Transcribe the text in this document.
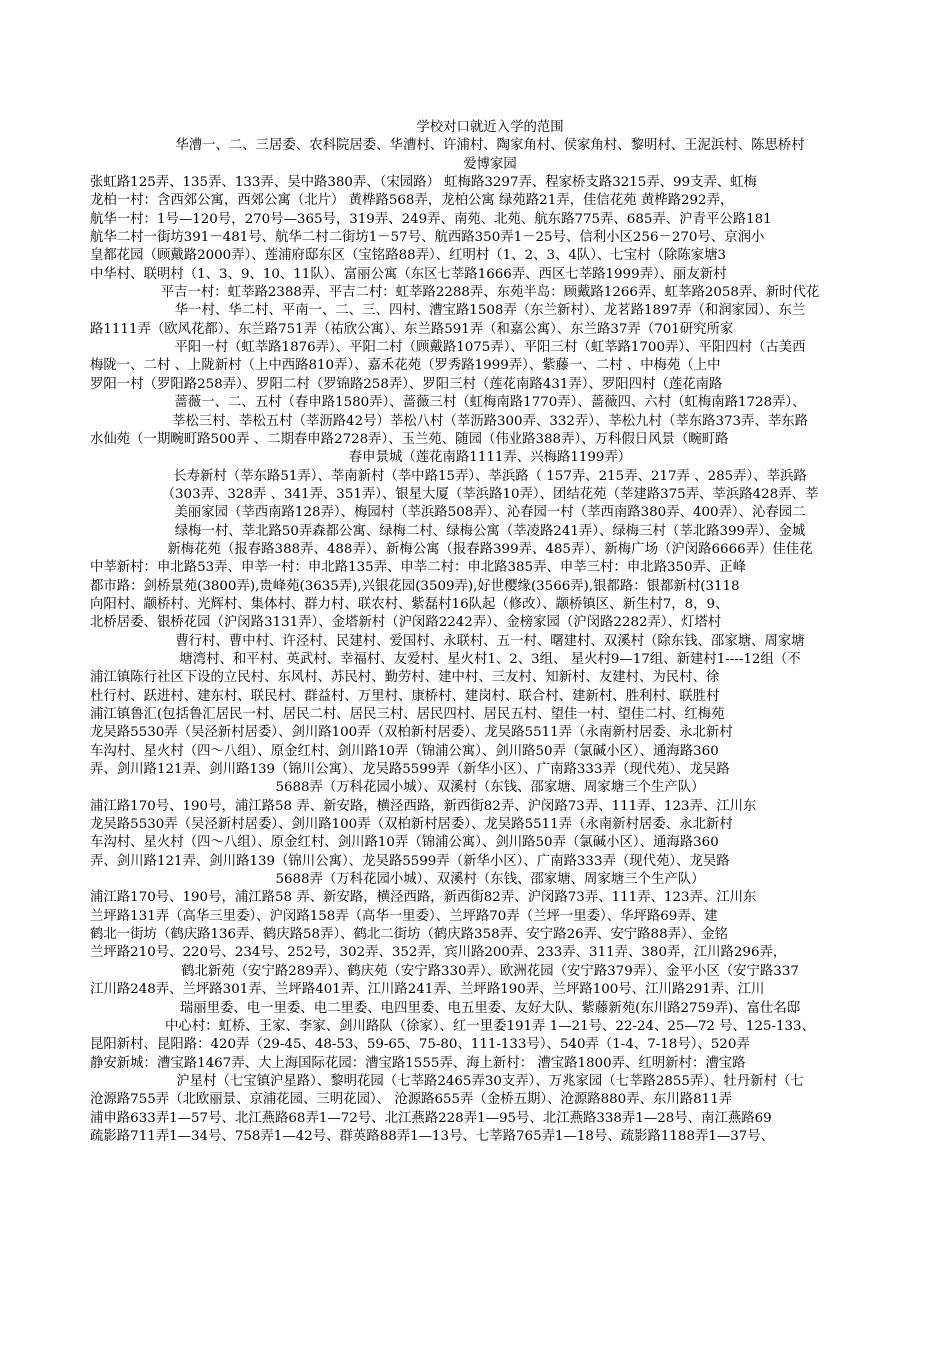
学校对口就近入学的范围
华漕一、二、三居委、农科院居委、华漕村、许浦村、陶家角村、侯家角村、黎明村、王泥浜村、陈思桥村
爱博家园
张虹路125弄、135弄、133弄、吴中路380弄、（宋园路） 虹梅路3297弄、程家桥支路3215弄、99支弄、虹梅
龙柏一村：含西郊公寓，西郊公寓（北片） 黄桦路568弄，龙柏公寓 绿苑路21弄，佳信花苑 黄桦路292弄，
航华一村：1号—120号，270号—365号，319弄、249弄、南苑、北苑、航东路775弄、685弄、沪青平公路181
航华二村一街坊391－481号、航华二村二街坊1－57号、航西路350弄1－25号、信利小区256－270号、京润小
皇都花园（顾戴路2000弄）、莲浦府邸东区（宝铭路88弄）、红明村（1、2、3、4队）、七宝村（除陈家塘3
中华村、联明村（1、3、9、10、11队）、富丽公寓（东区七莘路1666弄、西区七莘路1999弄）、丽友新村
平吉一村：虹莘路2388弄、平吉二村：虹莘路2288弄、东苑半岛：顾戴路1266弄、虹莘路2058弄、新时代花
华一村、华二村、平南一、二、三、四村、漕宝路1508弄（东兰新村）、龙茗路1897弄（和润家园）、东兰
路1111弄（欧风花都）、东兰路751弄（祐欣公寓）、东兰路591弄（和嘉公寓）、东兰路37弄（701研究所家
平阳一村（虹莘路1876弄）、平阳二村（顾戴路1075弄）、平阳三村（虹莘路1700弄）、平阳四村（古美西
梅陇一、二村 、上陇新村（上中西路810弄）、嘉禾花苑（罗秀路1999弄）、紫藤一、二村 、中梅苑（上中
罗阳一村（罗阳路258弄）、罗阳二村（罗锦路258弄）、罗阳三村（莲花南路431弄）、罗阳四村（莲花南路
蔷薇一、二、五村（春申路1580弄）、蔷薇三村（虹梅南路1770弄）、蔷薇四、六村（虹梅南路1728弄）、
莘松三村、莘松五村（莘沥路42号）莘松八村（莘沥路300弄、332弄）、莘松九村（莘东路373弄、莘东路
水仙苑（一期畹町路500弄 、二期春申路2728弄）、玉兰苑、随园（伟业路388弄）、万科假日风景（畹町路
春申景城（莲花南路1111弄、兴梅路1199弄）
长寿新村（莘东路51弄）、莘南新村（莘中路15弄）、莘浜路（ 157弄、215弄、217弄 、285弄）、莘浜路
（303弄、328弄 、341弄、351弄）、银星大厦（莘浜路10弄）、团结花苑（莘建路375弄、莘浜路428弄、莘
美丽家园（莘西南路128弄）、梅园村（莘浜路508弄）、沁春园一村（莘西南路380弄、400弄）、沁春园二
绿梅一村、莘北路50弄森都公寓、绿梅二村、绿梅公寓（莘凌路241弄）、绿梅三村（莘北路399弄）、金城
新梅花苑（报春路388弄、488弄）、新梅公寓（报春路399弄、485弄）、新梅广场（沪闵路6666弄）佳佳花
中莘新村：申北路53弄、申莘一村：申北路135弄、申莘二村：申北路385弄、申莘三村：申北路350弄、正峰
都市路：剑桥景苑(3800弄),贵峰苑(3635弄),兴银花园(3509弄),好世樱缘(3566弄),银都路：银都新村(3118
向阳村、颛桥村、光辉村、集体村、群力村、联农村、紫磊村16队起（修改）、颛桥镇区、新生村7，8，9、
北桥居委、银桥花园（沪闵路3131弄）、金塔新村（沪闵路2242弄）、金榜家园（沪闵路2282弄）、灯塔村
曹行村、曹中村、许泾村、民建村、爱国村、永联村、五一村、曙建村、双溪村（除东钱、邵家塘、周家塘
塘湾村、和平村、英武村、幸福村、友爱村、星火村1、2、3组、 星火村9—17组、新建村1----12组（不
浦江镇陈行社区下设的立民村、东风村、苏民村、勤劳村、建中村、三友村、知新村、友建村、为民村、徐
杜行村、跃进村、建东村、联民村、群益村、万里村、康桥村、建岗村、联合村、建新村、胜利村、联胜村
浦江镇鲁汇(包括鲁汇居民一村、居民二村、居民三村、居民四村、居民五村、望佳一村、望佳二村、红梅苑
龙吴路5530弄（吴泾新村居委）、剑川路100弄（双柏新村居委）、龙吴路5511弄（永南新村居委、永北新村
车沟村、星火村（四～八组）、原金红村、剑川路10弄（锦浦公寓）、剑川路50弄（氯碱小区）、通海路360
弄、剑川路121弄、剑川路139（锦川公寓）、龙吴路5599弄（新华小区）、广南路333弄（现代苑）、龙吴路
5688弄（万科花园小城）、双溪村（东钱、邵家塘、周家塘三个生产队）
浦江路170号、190号，浦江路58 弄、新安路，横泾西路，新西街82弄、沪闵路73弄、111弄、123弄、江川东
龙吴路5530弄（吴泾新村居委）、剑川路100弄（双柏新村居委）、龙吴路5511弄（永南新村居委、永北新村
车沟村、星火村（四～八组）、原金红村、剑川路10弄（锦浦公寓）、剑川路50弄（氯碱小区）、通海路360
弄、剑川路121弄、剑川路139（锦川公寓）、龙吴路5599弄（新华小区）、广南路333弄（现代苑）、龙吴路
5688弄（万科花园小城）、双溪村（东钱、邵家塘、周家塘三个生产队）
浦江路170号、190号，浦江路58 弄、新安路，横泾西路，新西街82弄、沪闵路73弄、111弄、123弄、江川东
兰坪路131弄（高华三里委）、沪闵路158弄（高华一里委）、兰坪路70弄（兰坪一里委）、华坪路69弄、建
鹤北一街坊（鹤庆路136弄、鹤庆路58弄）、鹤北二街坊（鹤庆路358弄、安宁路26弄、安宁路88弄）、金铭
兰坪路210号、220号、234号、252号，302弄、352弄，宾川路200弄、233弄、311弄、380弄，江川路296弄，
鹤北新苑（安宁路289弄）、鹤庆苑（安宁路330弄）、欧洲花园（安宁路379弄）、金平小区（安宁路337
江川路248弄、兰坪路301弄、兰坪路401弄、江川路241弄、兰坪路190弄、兰坪路100号、江川路291弄、江川
瑞丽里委、电一里委、电二里委、电四里委、电五里委、友好大队、紫藤新苑(东川路2759弄)、富仕名邸
中心村：虹桥、王家、李家、剑川路队（徐家）、红一里委191弄 1—21号、22-24、25—72 号、125-133、
昆阳新村、昆阳路：420弄（29-45、48-53、59-65、75-80、111-133号）、540弄（1-4、7-18号）、520弄
静安新城：漕宝路1467弄、大上海国际花园：漕宝路1555弄、海上新村： 漕宝路1800弄、红明新村：漕宝路
沪星村（七宝镇沪星路）、黎明花园（七莘路2465弄30支弄）、万兆家园（七莘路2855弄）、牡丹新村（七
沧源路755弄（北欧丽景、京浦花园、三明花园）、 沧源路655弄（金桥五期）、沧源路880弄、东川路811弄
浦申路633弄1—57号、北江燕路68弄1—72号、北江燕路228弄1—95号、北江燕路338弄1—28号、南江燕路69
疏影路711弄1—34号、758弄1—42号、群英路88弄1—13号、七莘路765弄1—18号、疏影路1188弄1—37号、
